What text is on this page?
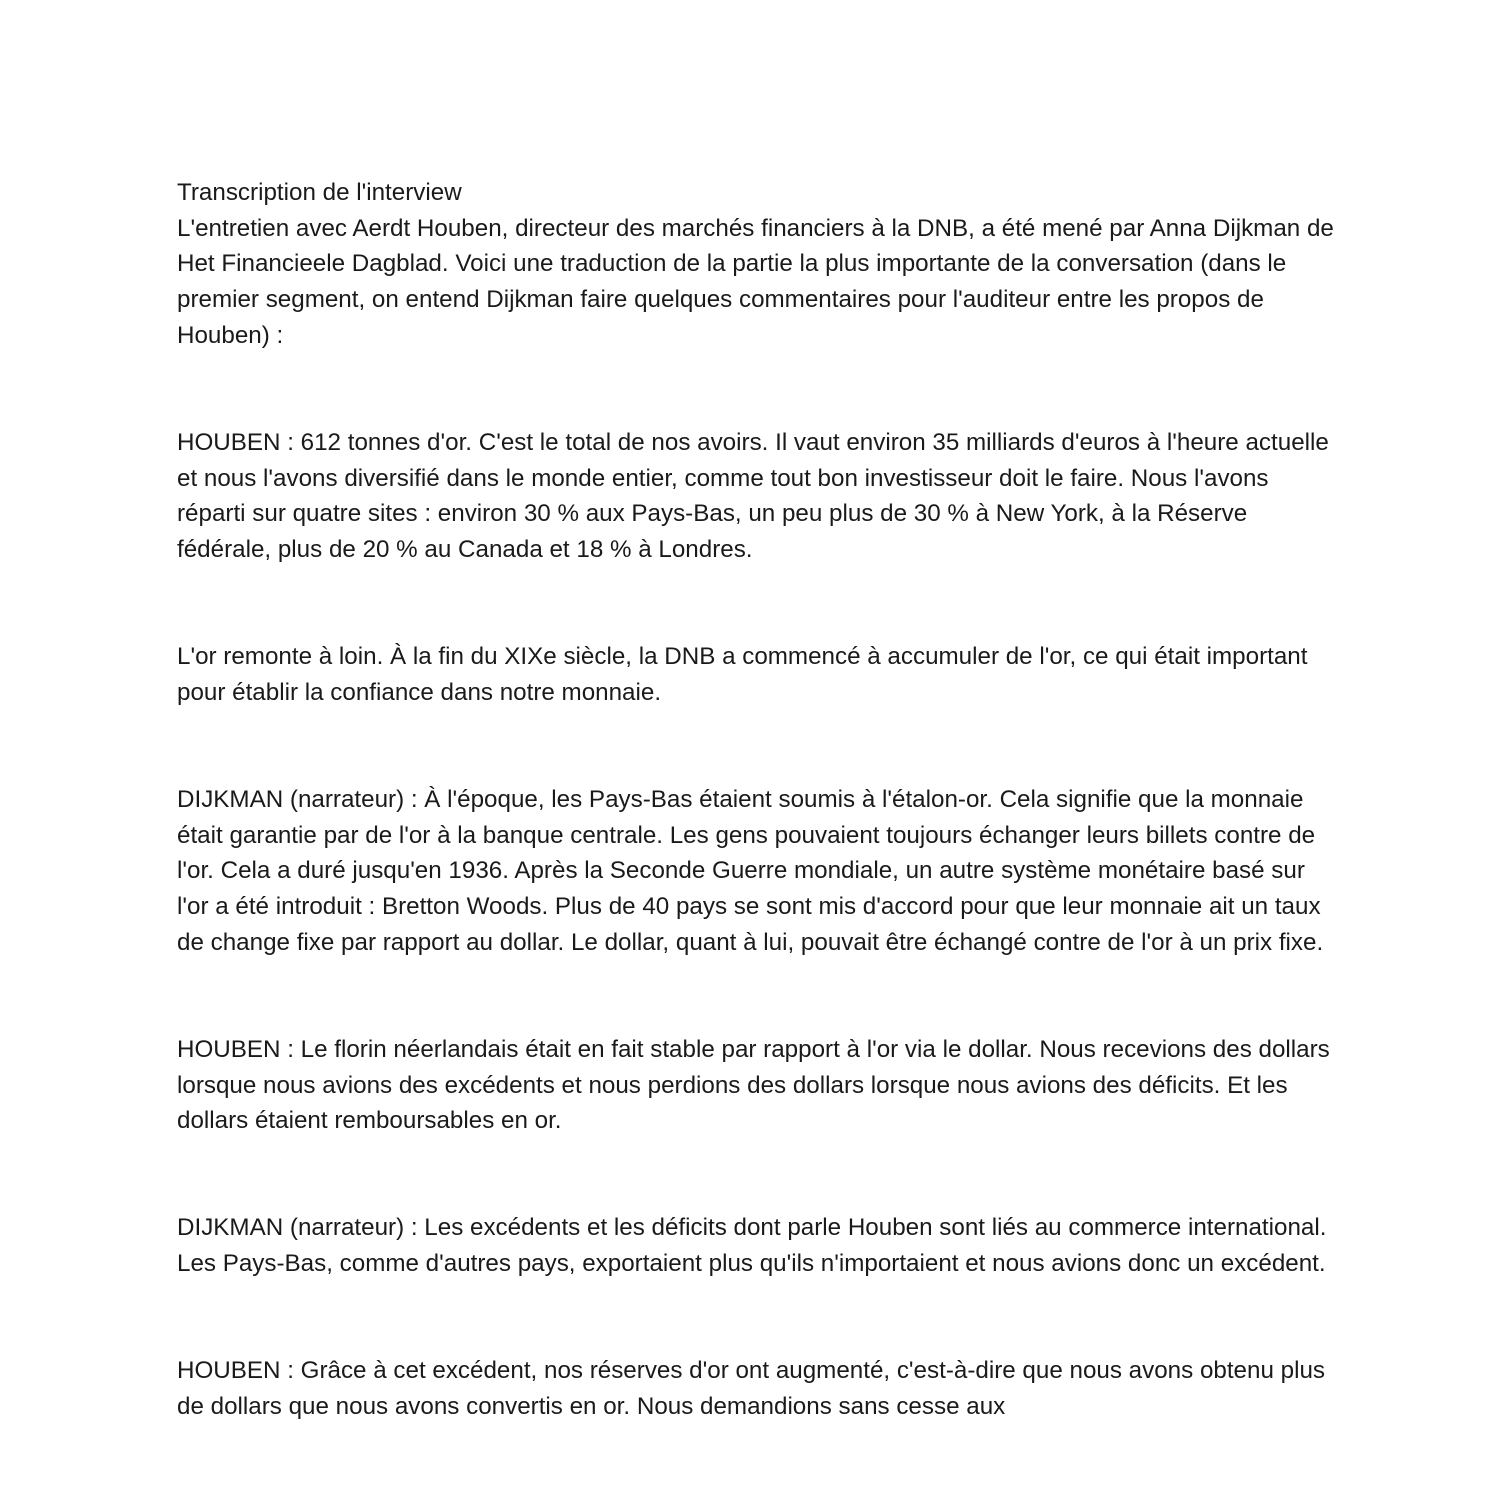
Transcription de l'interview

L'entretien avec Aerdt Houben, directeur des marchés financiers à la DNB, a été mené par Anna Dijkman de Het Financieele Dagblad. Voici une traduction de la partie la plus importante de la conversation (dans le premier segment, on entend Dijkman faire quelques commentaires pour l'auditeur entre les propos de Houben) :

HOUBEN : 612 tonnes d'or. C'est le total de nos avoirs. Il vaut environ 35 milliards d'euros à l'heure actuelle et nous l'avons diversifié dans le monde entier, comme tout bon investisseur doit le faire. Nous l'avons réparti sur quatre sites : environ 30 % aux Pays-Bas, un peu plus de 30 % à New York, à la Réserve fédérale, plus de 20 % au Canada et 18 % à Londres.

L'or remonte à loin. À la fin du XIXe siècle, la DNB a commencé à accumuler de l'or, ce qui était important pour établir la confiance dans notre monnaie.

DIJKMAN (narrateur) : À l'époque, les Pays-Bas étaient soumis à l'étalon-or. Cela signifie que la monnaie était garantie par de l'or à la banque centrale. Les gens pouvaient toujours échanger leurs billets contre de l'or. Cela a duré jusqu'en 1936. Après la Seconde Guerre mondiale, un autre système monétaire basé sur l'or a été introduit : Bretton Woods. Plus de 40 pays se sont mis d'accord pour que leur monnaie ait un taux de change fixe par rapport au dollar. Le dollar, quant à lui, pouvait être échangé contre de l'or à un prix fixe.

HOUBEN : Le florin néerlandais était en fait stable par rapport à l'or via le dollar. Nous recevions des dollars lorsque nous avions des excédents et nous perdions des dollars lorsque nous avions des déficits. Et les dollars étaient remboursables en or.

DIJKMAN (narrateur) : Les excédents et les déficits dont parle Houben sont liés au commerce international. Les Pays-Bas, comme d'autres pays, exportaient plus qu'ils n'importaient et nous avions donc un excédent.

HOUBEN : Grâce à cet excédent, nos réserves d'or ont augmenté, c'est-à-dire que nous avons obtenu plus de dollars que nous avons convertis en or. Nous demandions sans cesse aux
